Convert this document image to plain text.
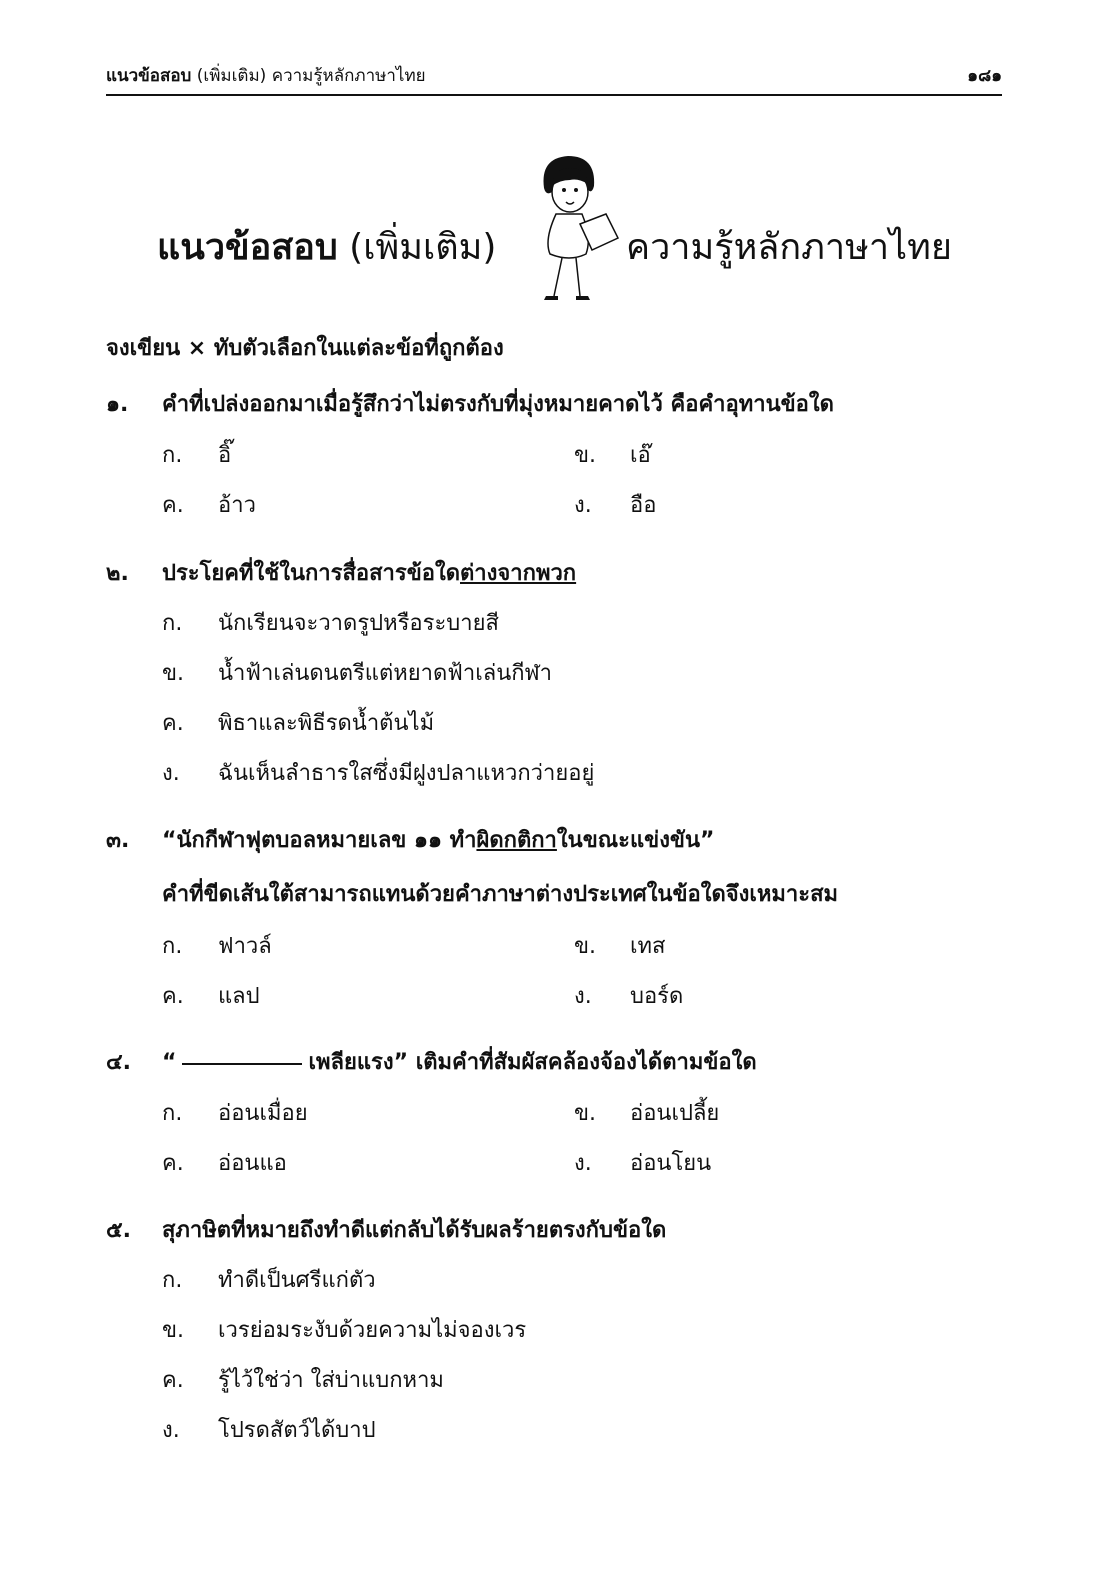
แนวข้อสอบ (เพิ่มเติม) ความรู้หลักภาษาไทย	๑๘๑
แนวข้อสอบ (เพิ่มเติม)	ความรู้หลักภาษาไทย
จงเขียน × ทับตัวเลือกในแต่ละข้อที่ถูกต้อง
๑.	คำที่เปล่งออกมาเมื่อรู้สึกว่าไม่ตรงกับที่มุ่งหมายคาดไว้ คือคำอุทานข้อใด
ก. อิ๊	ข. เอ๊
ค. อ้าว	ง. อือ
๒.	ประโยคที่ใช้ในการสื่อสารข้อใดต่างจากพวก
ก. นักเรียนจะวาดรูปหรือระบายสี
ข. น้ำฟ้าเล่นดนตรีแต่หยาดฟ้าเล่นกีฬา
ค. พิธาและพิธีรดน้ำต้นไม้
ง. ฉันเห็นลำธารใสซึ่งมีฝูงปลาแหวกว่ายอยู่
๓.	“นักกีฬาฟุตบอลหมายเลข ๑๑ ทำผิดกติกาในขณะแข่งขัน”
คำที่ขีดเส้นใต้สามารถแทนด้วยคำภาษาต่างประเทศในข้อใดจึงเหมาะสม
ก. ฟาวล์	ข. เทส
ค. แลป	ง. บอร์ด
๔.	“	เพลียแรง” เติมคำที่สัมผัสคล้องจ้องได้ตามข้อใด
ก. อ่อนเมื่อย	ข. อ่อนเปลี้ย
ค. อ่อนแอ	ง. อ่อนโยน
๕.	สุภาษิตที่หมายถึงทำดีแต่กลับได้รับผลร้ายตรงกับข้อใด
ก. ทำดีเป็นศรีแก่ตัว
ข. เวรย่อมระงับด้วยความไม่จองเวร
ค. รู้ไว้ใช่ว่า ใส่บ่าแบกหาม
ง. โปรดสัตว์ได้บาป
